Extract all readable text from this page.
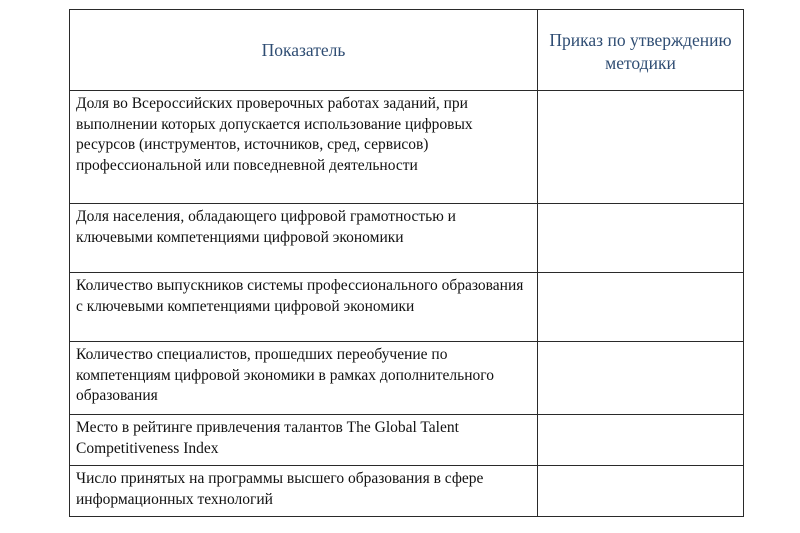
Показатель	Приказ по утверждению методики
Доля во Всероссийских проверочных работах заданий, при выполнении которых допускается использование цифровых ресурсов (инструментов, источников, сред, сервисов) профессиональной или повседневной деятельности	
Доля населения, обладающего цифровой грамотностью и ключевыми компетенциями цифровой экономики	
Количество выпускников системы профессионального образования с ключевыми компетенциями цифровой экономики	
Количество специалистов, прошедших переобучение по компетенциям цифровой экономики в рамках дополнительного образования	
Место в рейтинге привлечения талантов The Global Talent Competitiveness Index	
Число принятых на программы высшего образования в сфере информационных технологий	
